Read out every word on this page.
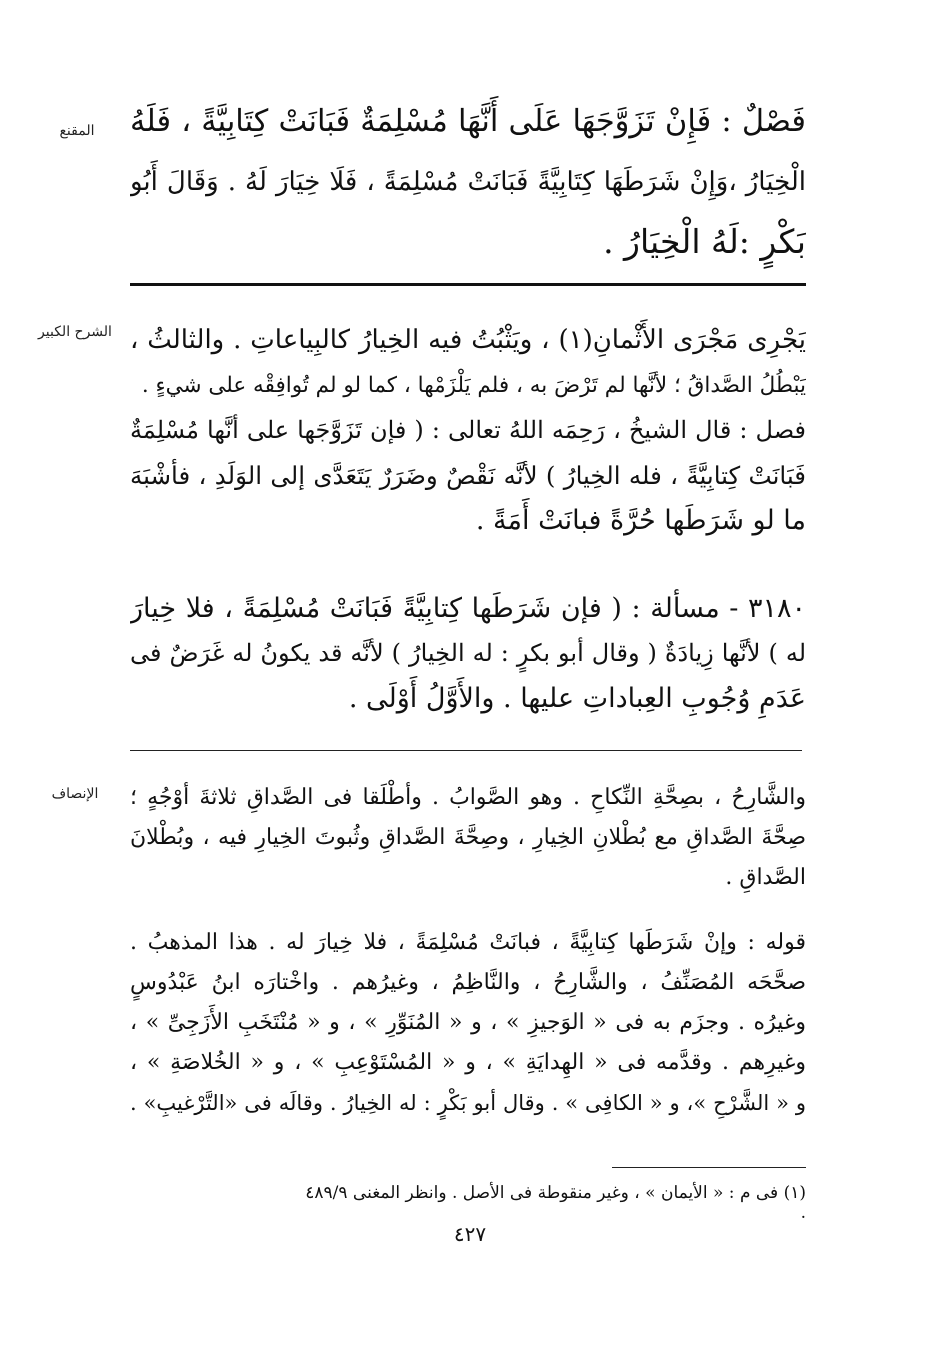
المقنع	فَصْلٌ : فَإِنْ تَزَوَّجَهَا عَلَى أَنَّهَا مُسْلِمَةٌ فَبَانَتْ كِتَابِيَّةً ، فَلَهُ
الْخِيَارُ ،وَإِنْ شَرَطَهَا كِتَابِيَّةً فَبَانَتْ مُسْلِمَةً ، فَلَا خِيَارَ لَهُ . وَقَالَ أَبُو
بَكْرٍ :لَهُ الْخِيَارُ .
الشرح الكبير يَجْرِى مَجْرَى الأَثْمانِ(١) ، ويَثْبُتُ فيه الخِيارُ كالبِياعاتِ . والثالثُ ،
يَبْطُلُ الصَّداقُ ؛ لأنَّها لم تَرْضَ به ، فلم يَلْزَمْها ، كما لو لم تُوافِقْه على شيءٍ .
فصل : قال الشيخُ ، رَحِمَه اللهُ تعالى : ( فإن تَزَوَّجَها على أنَّها مُسْلِمَةٌ
فَبَانَتْ كِتابِيَّةً ، فله الخِيارُ ) لأنَّه نَقْصٌ وضَرَرٌ يَتَعَدَّى إلى الوَلَدِ ، فأشْبَهَ
ما لو شَرَطَها حُرَّةً فبانَتْ أَمَةً .
٣١٨٠ - مسألة : ( فإن شَرَطَها كِتابِيَّةً فَبَانَتْ مُسْلِمَةً ، فلا خِيارَ
له ) لأنَّها زِيادَةٌ ( وقال أبو بكرٍ : له الخِيارُ ) لأنَّه قد يكونُ له غَرَضٌ فى
عَدَمِ وُجُوبِ العِباداتِ عليها . والأَوَّلُ أَوْلَى .
الإنصاف	والشَّارِحُ ، بصِحَّةِ النِّكاحِ . وهو الصَّوابُ . وأطْلَقا فى الصَّداقِ ثلاثةَ أوْجُهٍ ؛
صِحَّةَ الصَّداقِ مع بُطْلانِ الخِيارِ ، وصِحَّةَ الصَّداقِ وثُبوتَ الخِيارِ فيه ، وبُطْلانَ
الصَّداقِ .
قوله : وإنْ شَرَطَها كِتابِيَّةً ، فبانَتْ مُسْلِمَةً ، فلا خِيارَ له . هذا المذهبُ .
صحَّحَه المُصَنِّفُ ، والشَّارِحُ ، والنَّاظِمُ ، وغيرُهم . واخْتارَه ابنُ عَبْدُوسٍ
وغيرُه . وجزَم به فى « الوَجيزِ » ، و « المُنَوِّرِ » ، و « مُنْتَخَبِ الأَزَجِىِّ » ،
وغيرِهم . وقدَّمه فى « الهِدايَةِ » ، و « المُسْتَوْعِبِ » ، و « الخُلاصَةِ » ،
و « الشَّرْحِ »، و « الكافِى » . وقال أبو بَكْرٍ : له الخِيارُ . وقالَه فى «التَّرْغيبِ» .
(١) فى م : « الأيمان » ، وغير منقوطة فى الأصل . وانظر المغنى ٤٨٩/٩ .
٤٢٧
